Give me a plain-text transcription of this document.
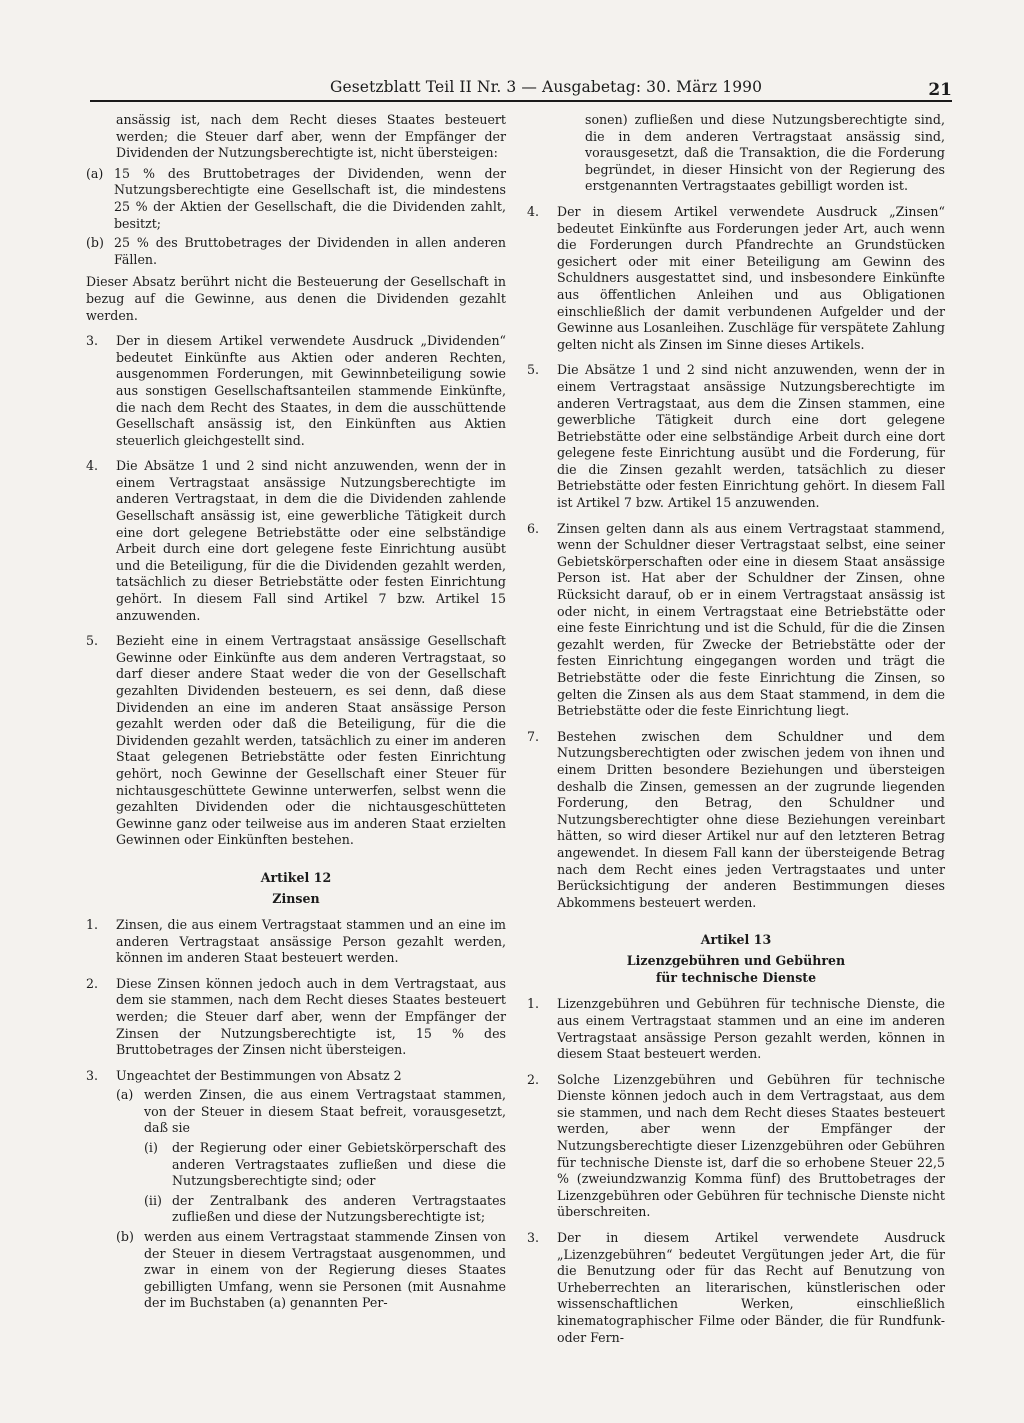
Gesetzblatt Teil II Nr. 3 — Ausgabetag: 30. März 1990	21
ansässig ist, nach dem Recht dieses Staates besteuert werden; die Steuer darf aber, wenn der Empfänger der Dividenden der Nutzungsberechtigte ist, nicht übersteigen:
(a) 15 % des Bruttobetrages der Dividenden, wenn der Nutzungsberechtigte eine Gesellschaft ist, die mindestens 25 % der Aktien der Gesellschaft, die die Dividenden zahlt, besitzt;
(b) 25 % des Bruttobetrages der Dividenden in allen anderen Fällen.
Dieser Absatz berührt nicht die Besteuerung der Gesellschaft in bezug auf die Gewinne, aus denen die Dividenden gezahlt werden.
3. Der in diesem Artikel verwendete Ausdruck „Dividenden“ bedeutet Einkünfte aus Aktien oder anderen Rechten, ausgenommen Forderungen, mit Gewinnbeteiligung sowie aus sonstigen Gesellschaftsanteilen stammende Einkünfte, die nach dem Recht des Staates, in dem die ausschüttende Gesellschaft ansässig ist, den Einkünften aus Aktien steuerlich gleichgestellt sind.
4. Die Absätze 1 und 2 sind nicht anzuwenden, wenn der in einem Vertragstaat ansässige Nutzungsberechtigte im anderen Vertragstaat, in dem die die Dividenden zahlende Gesellschaft ansässig ist, eine gewerbliche Tätigkeit durch eine dort gelegene Betriebstätte oder eine selbständige Arbeit durch eine dort gelegene feste Einrichtung ausübt und die Beteiligung, für die die Dividenden gezahlt werden, tatsächlich zu dieser Betriebstätte oder festen Einrichtung gehört. In diesem Fall sind Artikel 7 bzw. Artikel 15 anzuwenden.
5. Bezieht eine in einem Vertragstaat ansässige Gesellschaft Gewinne oder Einkünfte aus dem anderen Vertragstaat, so darf dieser andere Staat weder die von der Gesellschaft gezahlten Dividenden besteuern, es sei denn, daß diese Dividenden an eine im anderen Staat ansässige Person gezahlt werden oder daß die Beteiligung, für die die Dividenden gezahlt werden, tatsächlich zu einer im anderen Staat gelegenen Betriebstätte oder festen Einrichtung gehört, noch Gewinne der Gesellschaft einer Steuer für nichtausgeschüttete Gewinne unterwerfen, selbst wenn die gezahlten Dividenden oder die nichtausgeschütteten Gewinne ganz oder teilweise aus im anderen Staat erzielten Gewinnen oder Einkünften bestehen.
Artikel 12
Zinsen
1. Zinsen, die aus einem Vertragstaat stammen und an eine im anderen Vertragstaat ansässige Person gezahlt werden, können im anderen Staat besteuert werden.
2. Diese Zinsen können jedoch auch in dem Vertragstaat, aus dem sie stammen, nach dem Recht dieses Staates besteuert werden; die Steuer darf aber, wenn der Empfänger der Zinsen der Nutzungsberechtigte ist, 15 % des Bruttobetrages der Zinsen nicht übersteigen.
3. Ungeachtet der Bestimmungen von Absatz 2
(a) werden Zinsen, die aus einem Vertragstaat stammen, von der Steuer in diesem Staat befreit, vorausgesetzt, daß sie
(i) der Regierung oder einer Gebietskörperschaft des anderen Vertragstaates zufließen und diese die Nutzungsberechtigte sind; oder
(ii) der Zentralbank des anderen Vertragstaates zufließen und diese der Nutzungsberechtigte ist;
(b) werden aus einem Vertragstaat stammende Zinsen von der Steuer in diesem Vertragstaat ausgenommen, und zwar in einem von der Regierung dieses Staates gebilligten Umfang, wenn sie Personen (mit Ausnahme der im Buchstaben (a) genannten Per-
sonen) zufließen und diese Nutzungsberechtigte sind, die in dem anderen Vertragstaat ansässig sind, vorausgesetzt, daß die Transaktion, die die Forderung begründet, in dieser Hinsicht von der Regierung des erstgenannten Vertragstaates gebilligt worden ist.
4. Der in diesem Artikel verwendete Ausdruck „Zinsen“ bedeutet Einkünfte aus Forderungen jeder Art, auch wenn die Forderungen durch Pfandrechte an Grundstücken gesichert oder mit einer Beteiligung am Gewinn des Schuldners ausgestattet sind, und insbesondere Einkünfte aus öffentlichen Anleihen und aus Obligationen einschließlich der damit verbundenen Aufgelder und der Gewinne aus Losanleihen. Zuschläge für verspätete Zahlung gelten nicht als Zinsen im Sinne dieses Artikels.
5. Die Absätze 1 und 2 sind nicht anzuwenden, wenn der in einem Vertragstaat ansässige Nutzungsberechtigte im anderen Vertragstaat, aus dem die Zinsen stammen, eine gewerbliche Tätigkeit durch eine dort gelegene Betriebstätte oder eine selbständige Arbeit durch eine dort gelegene feste Einrichtung ausübt und die Forderung, für die die Zinsen gezahlt werden, tatsächlich zu dieser Betriebstätte oder festen Einrichtung gehört. In diesem Fall ist Artikel 7 bzw. Artikel 15 anzuwenden.
6. Zinsen gelten dann als aus einem Vertragstaat stammend, wenn der Schuldner dieser Vertragstaat selbst, eine seiner Gebietskörperschaften oder eine in diesem Staat ansässige Person ist. Hat aber der Schuldner der Zinsen, ohne Rücksicht darauf, ob er in einem Vertragstaat ansässig ist oder nicht, in einem Vertragstaat eine Betriebstätte oder eine feste Einrichtung und ist die Schuld, für die die Zinsen gezahlt werden, für Zwecke der Betriebstätte oder der festen Einrichtung eingegangen worden und trägt die Betriebstätte oder die feste Einrichtung die Zinsen, so gelten die Zinsen als aus dem Staat stammend, in dem die Betriebstätte oder die feste Einrichtung liegt.
7. Bestehen zwischen dem Schuldner und dem Nutzungsberechtigten oder zwischen jedem von ihnen und einem Dritten besondere Beziehungen und übersteigen deshalb die Zinsen, gemessen an der zugrunde liegenden Forderung, den Betrag, den Schuldner und Nutzungsberechtigter ohne diese Beziehungen vereinbart hätten, so wird dieser Artikel nur auf den letzteren Betrag angewendet. In diesem Fall kann der übersteigende Betrag nach dem Recht eines jeden Vertragstaates und unter Berücksichtigung der anderen Bestimmungen dieses Abkommens besteuert werden.
Artikel 13
Lizenzgebühren und Gebühren
für technische Dienste
1. Lizenzgebühren und Gebühren für technische Dienste, die aus einem Vertragstaat stammen und an eine im anderen Vertragstaat ansässige Person gezahlt werden, können in diesem Staat besteuert werden.
2. Solche Lizenzgebühren und Gebühren für technische Dienste können jedoch auch in dem Vertragstaat, aus dem sie stammen, und nach dem Recht dieses Staates besteuert werden, aber wenn der Empfänger der Nutzungsberechtigte dieser Lizenzgebühren oder Gebühren für technische Dienste ist, darf die so erhobene Steuer 22,5 % (zweiundzwanzig Komma fünf) des Bruttobetrages der Lizenzgebühren oder Gebühren für technische Dienste nicht überschreiten.
3. Der in diesem Artikel verwendete Ausdruck „Lizenzgebühren“ bedeutet Vergütungen jeder Art, die für die Benutzung oder für das Recht auf Benutzung von Urheberrechten an literarischen, künstlerischen oder wissenschaftlichen Werken, einschließlich kinematographischer Filme oder Bänder, die für Rundfunk- oder Fern-
